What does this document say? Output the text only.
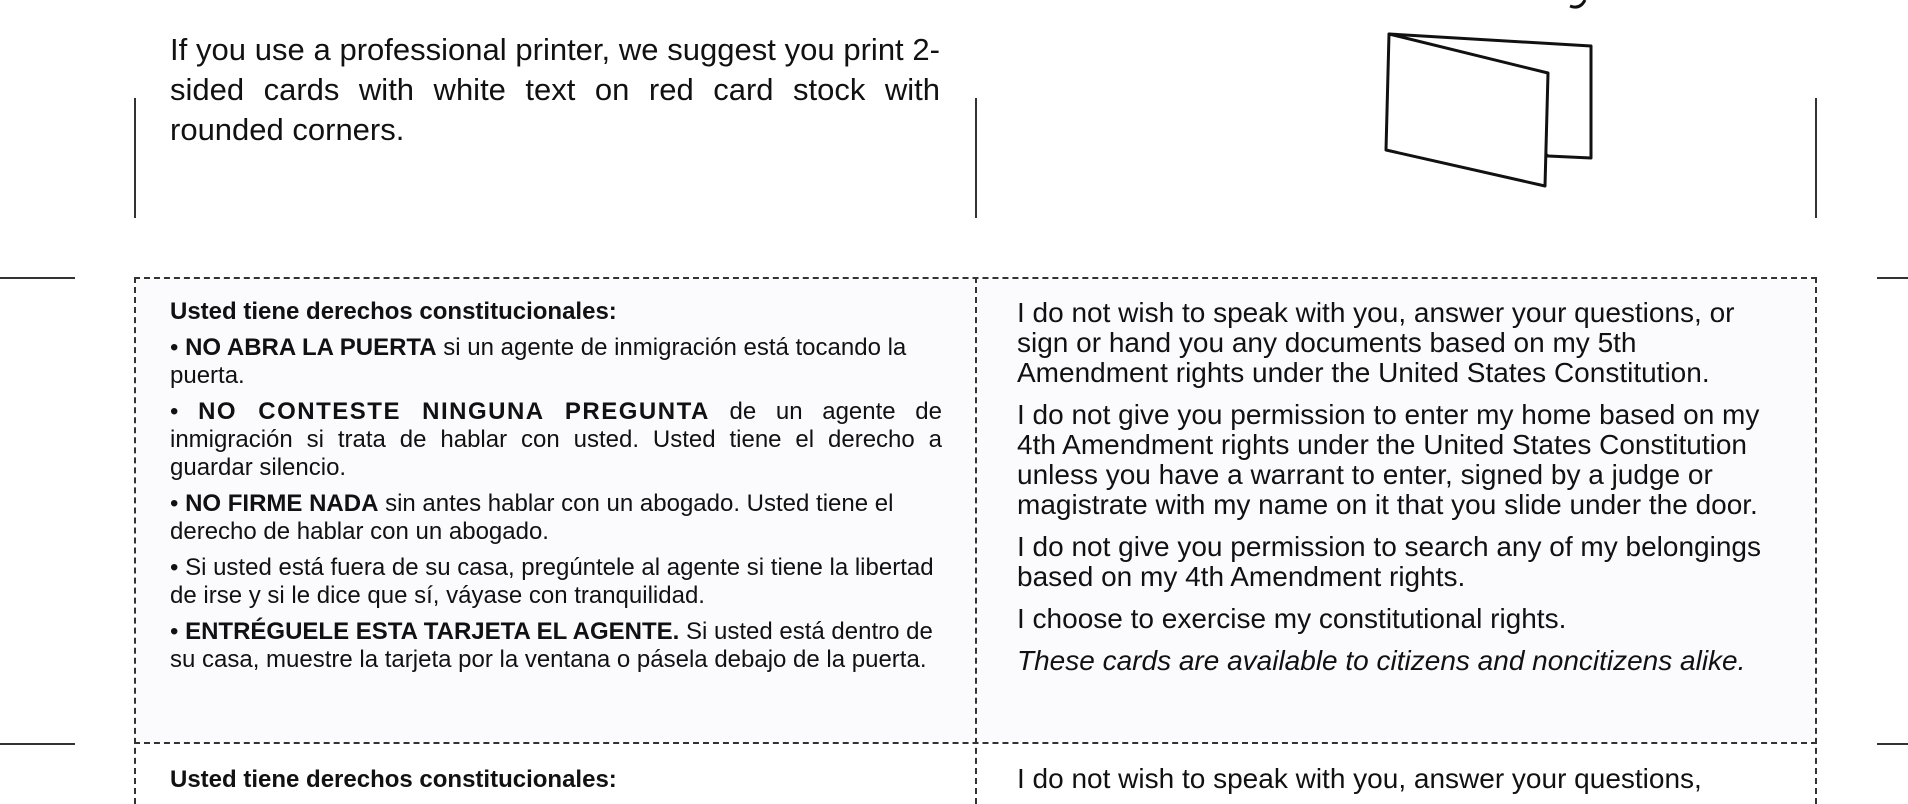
If you use a professional printer, we suggest you print 2-sided cards with white text on red card stock with rounded corners.
Usted tiene derechos constitucionales:

• NO ABRA LA PUERTA si un agente de inmigración está tocando la puerta.

• NO CONTESTE NINGUNA PREGUNTA de un agente de inmigración si trata de hablar con usted. Usted tiene el derecho a guardar silencio.

• NO FIRME NADA sin antes hablar con un abogado. Usted tiene el derecho de hablar con un abogado.

• Si usted está fuera de su casa, pregúntele al agente si tiene la libertad de irse y si le dice que sí, váyase con tranquilidad.

• ENTRÉGUELE ESTA TARJETA EL AGENTE. Si usted está dentro de su casa, muestre la tarjeta por la ventana o pásela debajo de la puerta.

I do not wish to speak with you, answer your questions, or sign or hand you any documents based on my 5th Amendment rights under the United States Constitution.

I do not give you permission to enter my home based on my 4th Amendment rights under the United States Constitution unless you have a warrant to enter, signed by a judge or magistrate with my name on it that you slide under the door.

I do not give you permission to search any of my belongings based on my 4th Amendment rights.

I choose to exercise my constitutional rights.

These cards are available to citizens and noncitizens alike.

Usted tiene derechos constitucionales:	I do not wish to speak with you, answer your questions,
